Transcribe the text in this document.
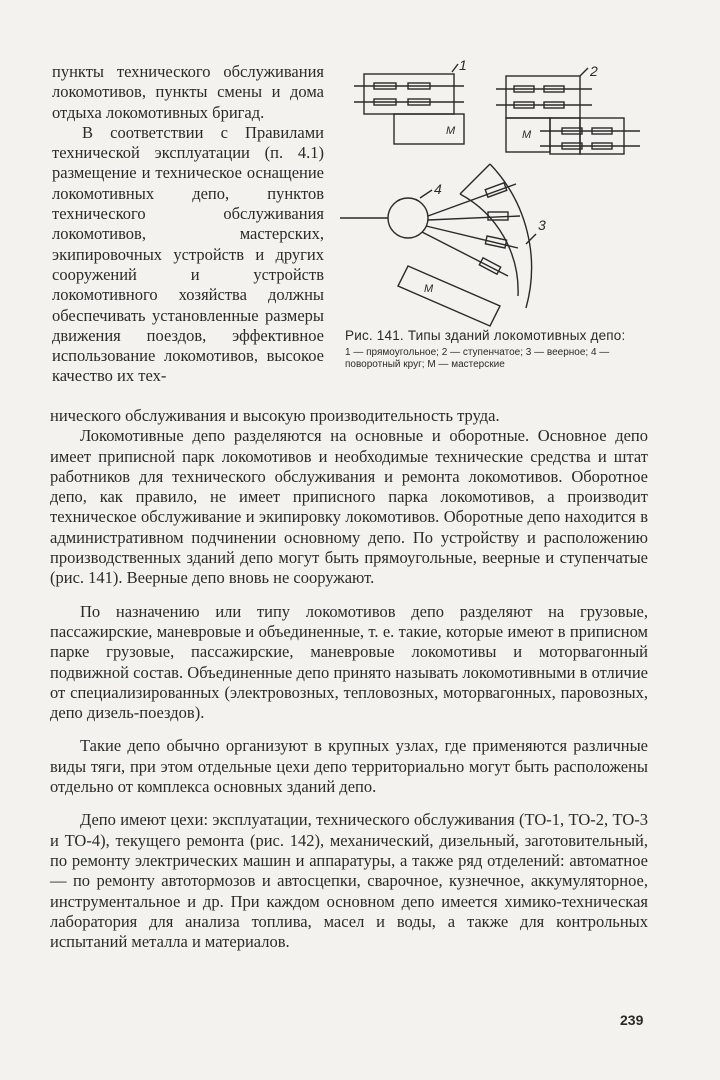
пункты технического обслуживания локомотивов, пункты смены и дома отдыха локомотивных бригад.

В соответствии с Правилами технической эксплуатации (п. 4.1) размещение и техническое оснащение локомотивных депо, пунктов технического обслуживания локомотивов, мастерских, экипировочных устройств и других сооружений и устройств локомотивного хозяйства должны обеспечивать установленные размеры движения поездов, эффективное использование локомотивов, высокое качество их тех-

1	2
3
4
М	М
М
Рис. 141. Типы зданий локомотивных депо:
1 — прямоугольное; 2 — ступенчатое; 3 — веерное; 4 — поворотный круг; М — мастерские

нического обслуживания и высокую производительность труда.

Локомотивные депо разделяются на основные и оборотные. Основное депо имеет приписной парк локомотивов и необходимые технические средства и штат работников для технического обслуживания и ремонта локомотивов. Оборотное депо, как правило, не имеет приписного парка локомотивов, а производит техническое обслуживание и экипировку локомотивов. Оборотные депо находится в административном подчинении основному депо. По устройству и расположению производственных зданий депо могут быть прямоугольные, веерные и ступенчатые (рис. 141). Веерные депо вновь не сооружают.

По назначению или типу локомотивов депо разделяют на грузовые, пассажирские, маневровые и объединенные, т. е. такие, которые имеют в приписном парке грузовые, пассажирские, маневровые локомотивы и моторвагонный подвижной состав. Объединенные депо принято называть локомотивными в отличие от специализированных (электровозных, тепловозных, моторвагонных, паровозных, депо дизель-поездов).

Такие депо обычно организуют в крупных узлах, где применяются различные виды тяги, при этом отдельные цехи депо территориально могут быть расположены отдельно от комплекса основных зданий депо.

Депо имеют цехи: эксплуатации, технического обслуживания (ТО-1, ТО-2, ТО-3 и ТО-4), текущего ремонта (рис. 142), механический, дизельный, заготовительный, по ремонту электрических машин и аппаратуры, а также ряд отделений: автоматное — по ремонту автотормозов и автосцепки, сварочное, кузнечное, аккумуляторное, инструментальное и др. При каждом основном депо имеется химико-техническая лаборатория для анализа топлива, масел и воды, а также для контрольных испытаний металла и материалов.

239
